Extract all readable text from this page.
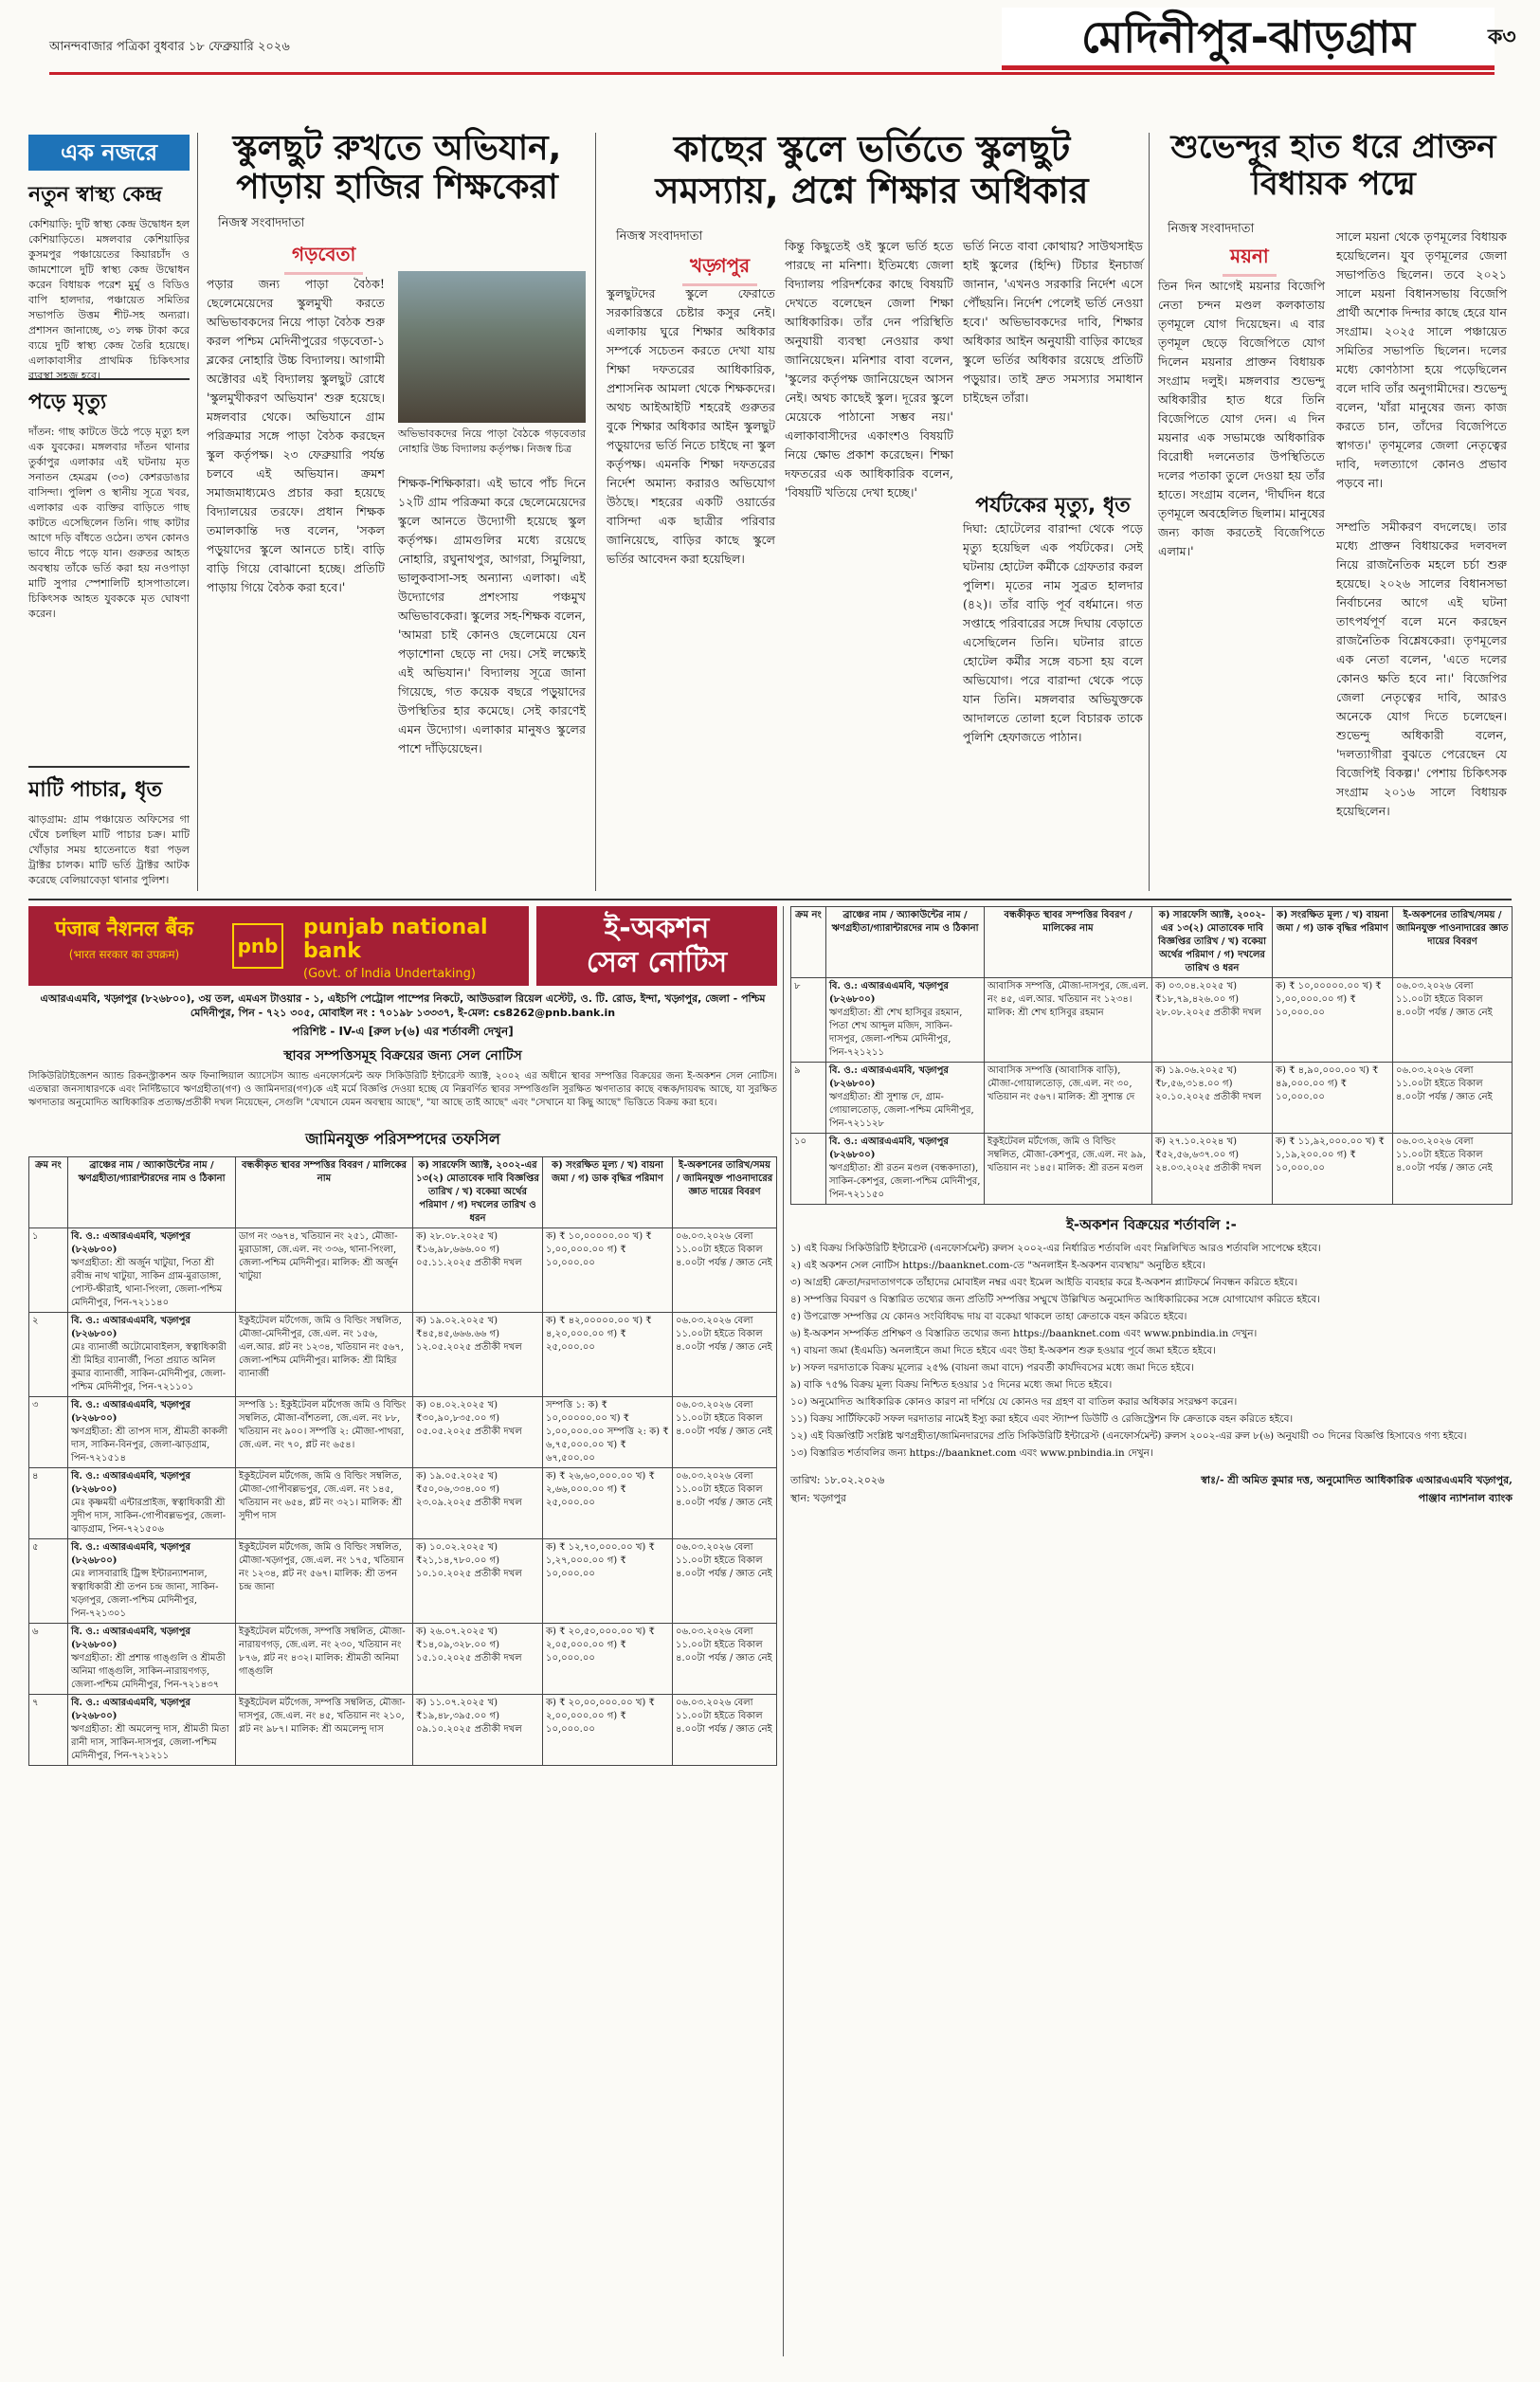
আনন্দবাজার পত্রিকা বুধবার ১৮ ফেব্রুয়ারি ২০২৬	মেদিনীপুর-ঝাড়গ্রাম	ক৩
এক নজরে
নতুন স্বাস্থ্য কেন্দ্র
কেশিয়াড়ি: দুটি স্বাস্থ্য কেন্দ্র উদ্বোধন হল কেশিয়াড়িতে। মঙ্গলবার কেশিয়াড়ির কুসমপুর পঞ্চায়েতের কিয়ারচাঁদ ও জামশোলে দুটি স্বাস্থ্য কেন্দ্র উদ্বোধন করেন বিধায়ক পরেশ মুর্মু ও বিডিও বাপি হালদার, পঞ্চায়েত সমিতির সভাপতি উত্তম শীট-সহ অন্যরা। প্রশাসন জানাচ্ছে, ৩১ লক্ষ টাকা করে ব্যয়ে দুটি স্বাস্থ্য কেন্দ্র তৈরি হয়েছে। এলাকাবাসীর প্রাথমিক চিকিৎসার ব্যবস্থা সহজ হবে।
পড়ে মৃত্যু
দাঁতন: গাছ কাটতে উঠে পড়ে মৃত্যু হল এক যুবকের। মঙ্গলবার দাঁতন থানার তুর্কাপুর এলাকার এই ঘটনায় মৃত সনাতন হেমব্রম (৩৩) কেশরডাঙার বাসিন্দা। পুলিশ ও স্থানীয় সূত্রে খবর, এলাকার এক ব্যক্তির বাড়িতে গাছ কাটতে এসেছিলেন তিনি। গাছ কাটার আগে দড়ি বাঁধতে ওঠেন। তখন কোনও ভাবে নীচে পড়ে যান। গুরুতর আহত অবস্থায় তাঁকে ভর্তি করা হয় নওপাড়া মাটি সুপার স্পেশালিটি হাসপাতালে। চিকিৎসক আহত যুবককে মৃত ঘোষণা করেন।
মাটি পাচার, ধৃত
ঝাড়গ্রাম: গ্রাম পঞ্চায়েত অফিসের গা ঘেঁষে চলছিল মাটি পাচার চক্র। মাটি খোঁড়ার সময় হাতেনাতে ধরা পড়ল ট্রাক্টর চালক। মাটি ভর্তি ট্রাক্টর আটক করেছে বেলিয়াবেড়া থানার পুলিশ।
স্কুলছুট রুখতে অভিযান, পাড়ায় হাজির শিক্ষকেরা
নিজস্ব সংবাদদাতা
গড়বেতা
পড়ার জন্য পাড়া বৈঠক! ছেলেমেয়েদের স্কুলমুখী করতে অভিভাবকদের নিয়ে পাড়া বৈঠক শুরু করল পশ্চিম মেদিনীপুরের গড়বেতা-১ ব্লকের নোহারি উচ্চ বিদ্যালয়। আগামী অক্টোবর এই বিদ্যালয় স্কুলছুট রোধে 'স্কুলমুখীকরণ অভিযান' শুরু হয়েছে। মঙ্গলবার থেকে। অভিযানে গ্রাম পরিক্রমার সঙ্গে পাড়া বৈঠক করছেন স্কুল কর্তৃপক্ষ। ২৩ ফেব্রুয়ারি পর্যন্ত চলবে এই অভিযান। ক্রমশ সমাজমাধ্যমেও প্রচার করা হয়েছে বিদ্যালয়ের তরফে। প্রধান শিক্ষক তমালকান্তি দত্ত বলেন, 'সকল পড়ুয়াদের স্কুলে আনতে চাই। বাড়ি বাড়ি গিয়ে বোঝানো হচ্ছে। প্রতিটি পাড়ায় গিয়ে বৈঠক করা হবে।'
অভিভাবকদের নিয়ে পাড়া বৈঠকে গড়বেতার নোহারি উচ্চ বিদ্যালয় কর্তৃপক্ষ। নিজস্ব চিত্র
শিক্ষক-শিক্ষিকারা। এই ভাবে পাঁচ দিনে ১২টি গ্রাম পরিক্রমা করে ছেলেমেয়েদের স্কুলে আনতে উদ্যোগী হয়েছে স্কুল কর্তৃপক্ষ। গ্রামগুলির মধ্যে রয়েছে নোহারি, রঘুনাথপুর, আগরা, সিমুলিয়া, ভালুকবাসা-সহ অন্যান্য এলাকা। এই উদ্যোগের প্রশংসায় পঞ্চমুখ অভিভাবকেরা। স্কুলের সহ-শিক্ষক বলেন, 'আমরা চাই কোনও ছেলেমেয়ে যেন পড়াশোনা ছেড়ে না দেয়। সেই লক্ষ্যেই এই অভিযান।' বিদ্যালয় সূত্রে জানা গিয়েছে, গত কয়েক বছরে পড়ুয়াদের উপস্থিতির হার কমেছে। সেই কারণেই এমন উদ্যোগ। এলাকার মানুষও স্কুলের পাশে দাঁড়িয়েছেন।
কাছের স্কুলে ভর্তিতে স্কুলছুট সমস্যায়, প্রশ্নে শিক্ষার অধিকার
নিজস্ব সংবাদদাতা
খড়্গপুর
স্কুলছুটদের স্কুলে ফেরাতে সরকারিস্তরে চেষ্টার কসুর নেই। এলাকায় ঘুরে শিক্ষার অধিকার সম্পর্কে সচেতন করতে দেখা যায় শিক্ষা দফতরের আধিকারিক, প্রশাসনিক আমলা থেকে শিক্ষকদের। অথচ আইআইটি শহরেই গুরুতর বুকে শিক্ষার অধিকার আইন স্কুলছুট পড়ুয়াদের ভর্তি নিতে চাইছে না স্কুল কর্তৃপক্ষ। এমনকি শিক্ষা দফতরের নির্দেশ অমান্য করারও অভিযোগ উঠছে। শহরের একটি ওয়ার্ডের বাসিন্দা এক ছাত্রীর পরিবার জানিয়েছে, বাড়ির কাছে স্কুলে ভর্তির আবেদন করা হয়েছিল।
কিন্তু কিছুতেই ওই স্কুলে ভর্তি হতে পারছে না মনিশা। ইতিমধ্যে জেলা বিদ্যালয় পরিদর্শকের কাছে বিষয়টি দেখতে বলেছেন জেলা শিক্ষা আধিকারিক। তাঁর দেন পরিস্থিতি অনুযায়ী ব্যবস্থা নেওয়ার কথা জানিয়েছেন। মনিশার বাবা বলেন, 'স্কুলের কর্তৃপক্ষ জানিয়েছেন আসন নেই। অথচ কাছেই স্কুল। দূরের স্কুলে মেয়েকে পাঠানো সম্ভব নয়।' এলাকাবাসীদের একাংশও বিষয়টি নিয়ে ক্ষোভ প্রকাশ করেছেন। শিক্ষা দফতরের এক আধিকারিক বলেন, 'বিষয়টি খতিয়ে দেখা হচ্ছে।'
ভর্তি নিতে বাবা কোথায়? সাউথসাইড হাই স্কুলের (হিন্দি) টিচার ইনচার্জ জানান, 'এখনও সরকারি নির্দেশ এসে পৌঁছয়নি। নির্দেশ পেলেই ভর্তি নেওয়া হবে।' অভিভাবকদের দাবি, শিক্ষার অধিকার আইন অনুযায়ী বাড়ির কাছের স্কুলে ভর্তির অধিকার রয়েছে প্রতিটি পড়ুয়ার। তাই দ্রুত সমস্যার সমাধান চাইছেন তাঁরা।
পর্যটকের মৃত্যু, ধৃত
দিঘা: হোটেলের বারান্দা থেকে পড়ে মৃত্যু হয়েছিল এক পর্যটকের। সেই ঘটনায় হোটেল কর্মীকে গ্রেফতার করল পুলিশ। মৃতের নাম সুব্রত হালদার (৪২)। তাঁর বাড়ি পূর্ব বর্ধমানে। গত সপ্তাহে পরিবারের সঙ্গে দিঘায় বেড়াতে এসেছিলেন তিনি। ঘটনার রাতে হোটেল কর্মীর সঙ্গে বচসা হয় বলে অভিযোগ। পরে বারান্দা থেকে পড়ে যান তিনি। মঙ্গলবার অভিযুক্তকে আদালতে তোলা হলে বিচারক তাকে পুলিশি হেফাজতে পাঠান।
শুভেন্দুর হাত ধরে প্রাক্তন বিধায়ক পদ্মে
নিজস্ব সংবাদদাতা
ময়না
তিন দিন আগেই ময়নার বিজেপি নেতা চন্দন মণ্ডল কলকাতায় তৃণমূলে যোগ দিয়েছেন। এ বার তৃণমূল ছেড়ে বিজেপিতে যোগ দিলেন ময়নার প্রাক্তন বিধায়ক সংগ্রাম দলুই। মঙ্গলবার শুভেন্দু অধিকারীর হাত ধরে তিনি বিজেপিতে যোগ দেন। এ দিন ময়নার এক সভামঞ্চে অধিকারিক বিরোধী দলনেতার উপস্থিতিতে দলের পতাকা তুলে দেওয়া হয় তাঁর হাতে। সংগ্রাম বলেন, 'দীর্ঘদিন ধরে তৃণমূলে অবহেলিত ছিলাম। মানুষের জন্য কাজ করতেই বিজেপিতে এলাম।'
সালে ময়না থেকে তৃণমূলের বিধায়ক হয়েছিলেন। যুব তৃণমূলের জেলা সভাপতিও ছিলেন। তবে ২০২১ সালে ময়না বিধানসভায় বিজেপি প্রার্থী অশোক দিন্দার কাছে হেরে যান সংগ্রাম। ২০২৫ সালে পঞ্চায়েত সমিতির সভাপতি ছিলেন। দলের মধ্যে কোণঠাসা হয়ে পড়েছিলেন বলে দাবি তাঁর অনুগামীদের। শুভেন্দু বলেন, 'যাঁরা মানুষের জন্য কাজ করতে চান, তাঁদের বিজেপিতে স্বাগত।' তৃণমূলের জেলা নেতৃত্বের দাবি, দলত্যাগে কোনও প্রভাব পড়বে না।
সম্প্রতি সমীকরণ বদলেছে। তার মধ্যে প্রাক্তন বিধায়কের দলবদল নিয়ে রাজনৈতিক মহলে চর্চা শুরু হয়েছে। ২০২৬ সালের বিধানসভা নির্বাচনের আগে এই ঘটনা তাৎপর্যপূর্ণ বলে মনে করছেন রাজনৈতিক বিশ্লেষকেরা। তৃণমূলের এক নেতা বলেন, 'এতে দলের কোনও ক্ষতি হবে না।' বিজেপির জেলা নেতৃত্বের দাবি, আরও অনেকে যোগ দিতে চলেছেন। শুভেন্দু অধিকারী বলেন, 'দলত্যাগীরা বুঝতে পেরেছেন যে বিজেপিই বিকল্প।' পেশায় চিকিৎসক সংগ্রাম ২০১৬ সালে বিধায়ক হয়েছিলেন।
पंजाब नैशनल बैंक
(भारत सरकार का उपक्रम)	pnb
punjab national bank
(Govt. of India Undertaking)
ই-অকশন
সেল নোটিস
এআরএএমবি, খড়্গপুর (৮২৬৮০০), ৩য় তল, এমএস টাওয়ার - ১, এইচপি পেট্রোল পাম্পের নিকটে, আউডরাল রিয়েল এস্টেট, ও. টি. রোড, ইন্দা, খড়্গপুর, জেলা - পশ্চিম মেদিনীপুর, পিন - ৭২১ ৩০৫, মোবাইল নং : ৭০১৯৮ ১৩৩৩৭, ই-মেল: cs8262@pnb.bank.in
পরিশিষ্ট - IV-এ [রুল ৮(৬) এর শর্তাবলী দেখুন]
স্থাবর সম্পত্তিসমূহ বিক্রয়ের জন্য সেল নোটিস
সিকিউরিটাইজেশন অ্যান্ড রিকনস্ট্রাকশন অফ ফিনান্সিয়াল অ্যাসেটস অ্যান্ড এনফোর্সমেন্ট অফ সিকিউরিটি ইন্টারেস্ট অ্যাক্ট, ২০০২ এর অধীনে স্থাবর সম্পত্তির বিক্রয়ের জন্য ই-অকশন সেল নোটিস। এতদ্বারা জনসাধারণকে এবং নির্দিষ্টভাবে ঋণগ্রহীতা(গণ) ও জামিনদার(গণ)কে এই মর্মে বিজ্ঞপ্তি দেওয়া হচ্ছে যে নিম্নবর্ণিত স্থাবর সম্পত্তিগুলি সুরক্ষিত ঋণদাতার কাছে বন্ধক/দায়বদ্ধ আছে, যা সুরক্ষিত ঋণদাতার অনুমোদিত আধিকারিক প্রত্যক্ষ/প্রতীকী দখল নিয়েছেন, সেগুলি "যেখানে যেমন অবস্থায় আছে", "যা আছে তাই আছে" এবং "সেখানে যা কিছু আছে" ভিত্তিতে বিক্রয় করা হবে।
জামিনযুক্ত পরিসম্পদের তফসিল
ক্রম নং	ব্রাঞ্চের নাম / অ্যাকাউন্টের নাম / ঋণগ্রহীতা/গ্যারান্টারদের নাম ও ঠিকানা	বন্ধকীকৃত স্থাবর সম্পত্তির বিবরণ / মালিকের নাম	ক) সারফেসি অ্যাক্ট, ২০০২-এর ১৩(২) মোতাবেক দাবি বিজ্ঞপ্তির তারিখ / খ) বকেয়া অর্থের পরিমাণ / গ) দখলের তারিখ ও ধরন	ক) সংরক্ষিত মূল্য / খ) বায়না জমা / গ) ডাক বৃদ্ধির পরিমাণ	ই-অকশনের তারিখ/সময় / জামিনযুক্ত পাওনাদারের জ্ঞাত দায়ের বিবরণ
১	বি. ও.: এআরএএমবি, খড়্গপুর (৮২৬৮০০)
ঋণগ্রহীতা: শ্রী অর্জুন খাটুয়া, পিতা শ্রী রবীন্দ্র নাথ খাটুয়া, সাকিন গ্রাম-মুরাডাঙ্গা, পোস্ট-ক্ষীরাই, থানা-পিংলা, জেলা-পশ্চিম মেদিনীপুর, পিন-৭২১১৪০	ডাগ নং ৩৬৭৪, খতিয়ান নং ২৫১, মৌজা-মুরাডাঙ্গা, জে.এল. নং ৩৩৬, থানা-পিংলা, জেলা-পশ্চিম মেদিনীপুর। মালিক: শ্রী অর্জুন খাটুয়া	ক) ২৮.০৮.২০২৫ খ) ₹১৬,৯৮,৬৬৬.০০ গ) ০৫.১১.২০২৫ প্রতীকী দখল	ক) ₹ ১০,০০০০০.০০ খ) ₹ ১,০০,০০০.০০ গ) ₹ ১০,০০০.০০	০৬.০৩.২০২৬ বেলা ১১.০০টা হইতে বিকাল ৪.০০টা পর্যন্ত / জ্ঞাত নেই
২	বি. ও.: এআরএএমবি, খড়্গপুর (৮২৬৮০০)
মেঃ ব্যানার্জী অটোমোবাইলস, স্বত্বাধিকারী শ্রী মিহির ব্যানার্জী, পিতা প্রয়াত অনিল কুমার ব্যানার্জী, সাকিন-মেদিনীপুর, জেলা-পশ্চিম মেদিনীপুর, পিন-৭২১১০১	ইকুইটেবল মর্টগেজ, জমি ও বিল্ডিং সম্বলিত, মৌজা-মেদিনীপুর, জে.এল. নং ১৫৬, এল.আর. প্লট নং ১২৩৪, খতিয়ান নং ৫৬৭, জেলা-পশ্চিম মেদিনীপুর। মালিক: শ্রী মিহির ব্যানার্জী	ক) ১৯.০২.২০২৫ খ) ₹৪৫,৪৫,৬৬৬.৬৬ গ) ১২.০৫.২০২৫ প্রতীকী দখল	ক) ₹ ৪২,০০০০০.০০ খ) ₹ ৪,২০,০০০.০০ গ) ₹ ২৫,০০০.০০	০৬.০৩.২০২৬ বেলা ১১.০০টা হইতে বিকাল ৪.০০টা পর্যন্ত / জ্ঞাত নেই
৩	বি. ও.: এআরএএমবি, খড়্গপুর (৮২৬৮০০)
ঋণগ্রহীতা: শ্রী তাপস দাস, শ্রীমতী কাকলী দাস, সাকিন-বিনপুর, জেলা-ঝাড়গ্রাম, পিন-৭২১৫১৪	সম্পত্তি ১: ইকুইটেবল মর্টগেজ জমি ও বিল্ডিং সম্বলিত, মৌজা-বাঁশতলা, জে.এল. নং ৮৮, খতিয়ান নং ৯০০। সম্পত্তি ২: মৌজা-পাথরা, জে.এল. নং ৭০, প্লট নং ৬৫৪।	ক) ০৪.০২.২০২৫ খ) ₹৩০,৯০,৮৩৫.০০ গ) ০৫.০৫.২০২৫ প্রতীকী দখল	সম্পত্তি ১: ক) ₹ ১০,০০০০০.০০ খ) ₹ ১,০০,০০০.০০ সম্পত্তি ২: ক) ₹ ৬,৭৫,০০০.০০ খ) ₹ ৬৭,৫০০.০০	০৬.০৩.২০২৬ বেলা ১১.০০টা হইতে বিকাল ৪.০০টা পর্যন্ত / জ্ঞাত নেই
৪	বি. ও.: এআরএএমবি, খড়্গপুর (৮২৬৮০০)
মেঃ কৃষ্ণময়ী এন্টারপ্রাইজ, স্বত্বাধিকারী শ্রী সুদীপ দাস, সাকিন-গোপীবল্লভপুর, জেলা-ঝাড়গ্রাম, পিন-৭২১৫০৬	ইকুইটেবল মর্টগেজ, জমি ও বিল্ডিং সম্বলিত, মৌজা-গোপীবল্লভপুর, জে.এল. নং ১৪৫, খতিয়ান নং ৬৫৪, প্লট নং ৩২১। মালিক: শ্রী সুদীপ দাস	ক) ১৯.০৫.২০২৫ খ) ₹৫০,০৬,৩৩৪.০০ গ) ২৩.০৯.২০২৫ প্রতীকী দখল	ক) ₹ ২৬,৬০,০০০.০০ খ) ₹ ২,৬৬,০০০.০০ গ) ₹ ২৫,০০০.০০	০৬.০৩.২০২৬ বেলা ১১.০০টা হইতে বিকাল ৪.০০টা পর্যন্ত / জ্ঞাত নেই
৫	বি. ও.: এআরএএমবি, খড়্গপুর (৮২৬৮০০)
মেঃ লাসবারাহি ট্রিপ্স ইন্টারন্যাশনাল, স্বত্বাধিকারী শ্রী তপন চন্দ্র জানা, সাকিন-খড়্গপুর, জেলা-পশ্চিম মেদিনীপুর, পিন-৭২১৩০১	ইকুইটেবল মর্টগেজ, জমি ও বিল্ডিং সম্বলিত, মৌজা-খড়্গপুর, জে.এল. নং ১৭৫, খতিয়ান নং ১২৩৪, প্লট নং ৫৬৭। মালিক: শ্রী তপন চন্দ্র জানা	ক) ১০.০২.২০২৫ খ) ₹২১,১৪,৭৮০.০০ গ) ১০.১০.২০২৫ প্রতীকী দখল	ক) ₹ ১২,৭০,০০০.০০ খ) ₹ ১,২৭,০০০.০০ গ) ₹ ১০,০০০.০০	০৬.০৩.২০২৬ বেলা ১১.০০টা হইতে বিকাল ৪.০০টা পর্যন্ত / জ্ঞাত নেই
৬	বি. ও.: এআরএএমবি, খড়্গপুর (৮২৬৮০০)
ঋণগ্রহীতা: শ্রী প্রশান্ত গাঙ্গুলি ও শ্রীমতী অনিমা গাঙ্গুলি, সাকিন-নারায়ণগড়, জেলা-পশ্চিম মেদিনীপুর, পিন-৭২১৪৩৭	ইকুইটেবল মর্টগেজ, সম্পত্তি সম্বলিত, মৌজা-নারায়ণগড়, জে.এল. নং ২৩০, খতিয়ান নং ৮৭৬, প্লট নং ৪৩২। মালিক: শ্রীমতী অনিমা গাঙ্গুলি	ক) ২৬.০৭.২০২৫ খ) ₹১৪,০৯,৩২৮.০০ গ) ১৫.১০.২০২৫ প্রতীকী দখল	ক) ₹ ২০,৫০,০০০.০০ খ) ₹ ২,০৫,০০০.০০ গ) ₹ ১০,০০০.০০	০৬.০৩.২০২৬ বেলা ১১.০০টা হইতে বিকাল ৪.০০টা পর্যন্ত / জ্ঞাত নেই
৭	বি. ও.: এআরএএমবি, খড়্গপুর (৮২৬৮০০)
ঋণগ্রহীতা: শ্রী অমলেন্দু দাস, শ্রীমতী মিতা রানী দাস, সাকিন-দাসপুর, জেলা-পশ্চিম মেদিনীপুর, পিন-৭২১২১১	ইকুইটেবল মর্টগেজ, সম্পত্তি সম্বলিত, মৌজা-দাসপুর, জে.এল. নং ৪৫, খতিয়ান নং ২১০, প্লট নং ৯৮৭। মালিক: শ্রী অমলেন্দু দাস	ক) ১১.০৭.২০২৫ খ) ₹১৯,৪৮,৩৯৫.০০ গ) ০৯.১০.২০২৫ প্রতীকী দখল	ক) ₹ ২০,০০,০০০.০০ খ) ₹ ২,০০,০০০.০০ গ) ₹ ১০,০০০.০০	০৬.০৩.২০২৬ বেলা ১১.০০টা হইতে বিকাল ৪.০০টা পর্যন্ত / জ্ঞাত নেই
ক্রম নং	ব্রাঞ্চের নাম / অ্যাকাউন্টের নাম / ঋণগ্রহীতা/গ্যারান্টারদের নাম ও ঠিকানা	বন্ধকীকৃত স্থাবর সম্পত্তির বিবরণ / মালিকের নাম	ক) সারফেসি অ্যাক্ট, ২০০২-এর ১৩(২) মোতাবেক দাবি বিজ্ঞপ্তির তারিখ / খ) বকেয়া অর্থের পরিমাণ / গ) দখলের তারিখ ও ধরন	ক) সংরক্ষিত মূল্য / খ) বায়না জমা / গ) ডাক বৃদ্ধির পরিমাণ	ই-অকশনের তারিখ/সময় / জামিনযুক্ত পাওনাদারের জ্ঞাত দায়ের বিবরণ
৮	বি. ও.: এআরএএমবি, খড়্গপুর (৮২৬৮০০)
ঋণগ্রহীতা: শ্রী শেখ হাসিবুর রহমান, পিতা শেখ আব্দুল মজিদ, সাকিন-দাসপুর, জেলা-পশ্চিম মেদিনীপুর, পিন-৭২১২১১	আবাসিক সম্পত্তি, মৌজা-দাসপুর, জে.এল. নং ৪৫, এল.আর. খতিয়ান নং ১২৩৪। মালিক: শ্রী শেখ হাসিবুর রহমান	ক) ০৩.০৪.২০২৫ খ) ₹১৮,৭৯,৪২৬.০০ গ) ২৮.০৮.২০২৫ প্রতীকী দখল	ক) ₹ ১০,০০০০০.০০ খ) ₹ ১,০০,০০০.০০ গ) ₹ ১০,০০০.০০	০৬.০৩.২০২৬ বেলা ১১.০০টা হইতে বিকাল ৪.০০টা পর্যন্ত / জ্ঞাত নেই
৯	বি. ও.: এআরএএমবি, খড়্গপুর (৮২৬৮০০)
ঋণগ্রহীতা: শ্রী সুশান্ত দে, গ্রাম-গোয়ালতোড়, জেলা-পশ্চিম মেদিনীপুর, পিন-৭২১১২৮	আবাসিক সম্পত্তি (আবাসিক বাড়ি), মৌজা-গোয়ালতোড়, জে.এল. নং ৩০, খতিয়ান নং ৫৬৭। মালিক: শ্রী সুশান্ত দে	ক) ১৯.০৬.২০২৫ খ) ₹৮,৫৬,৩১৪.০০ গ) ২০.১০.২০২৫ প্রতীকী দখল	ক) ₹ ৪,৯০,০০০.০০ খ) ₹ ৪৯,০০০.০০ গ) ₹ ১০,০০০.০০	০৬.০৩.২০২৬ বেলা ১১.০০টা হইতে বিকাল ৪.০০টা পর্যন্ত / জ্ঞাত নেই
১০	বি. ও.: এআরএএমবি, খড়্গপুর (৮২৬৮০০)
ঋণগ্রহীতা: শ্রী রতন মণ্ডল (বন্ধকদাতা), সাকিন-কেশপুর, জেলা-পশ্চিম মেদিনীপুর, পিন-৭২১১৫০	ইকুইটেবল মর্টগেজ, জমি ও বিল্ডিং সম্বলিত, মৌজা-কেশপুর, জে.এল. নং ৯৯, খতিয়ান নং ১৪৫। মালিক: শ্রী রতন মণ্ডল	ক) ২৭.১০.২০২৪ খ) ₹৫২,৫৬,৬৩৭.০০ গ) ২৪.০৩.২০২৫ প্রতীকী দখল	ক) ₹ ১১,৯২,০০০.০০ খ) ₹ ১,১৯,২০০.০০ গ) ₹ ১০,০০০.০০	০৬.০৩.২০২৬ বেলা ১১.০০টা হইতে বিকাল ৪.০০টা পর্যন্ত / জ্ঞাত নেই
ই-অকশন বিক্রয়ের শর্তাবলি :-
১) এই বিক্রয় সিকিউরিটি ইন্টারেস্ট (এনফোর্সমেন্ট) রুলস ২০০২-এর নির্ধারিত শর্তাবলি এবং নিম্নলিখিত আরও শর্তাবলি সাপেক্ষে হইবে।
২) এই অকশন সেল নোটিস https://baanknet.com-তে "অনলাইন ই-অকশন ব্যবস্থায়" অনুষ্ঠিত হইবে।
৩) আগ্রহী ক্রেতা/দরদাতাগণকে তাঁহাদের মোবাইল নম্বর এবং ইমেল আইডি ব্যবহার করে ই-অকশন প্ল্যাটফর্মে নিবন্ধন করিতে হইবে।
৪) সম্পত্তির বিবরণ ও বিস্তারিত তথ্যের জন্য প্রতিটি সম্পত্তির সম্মুখে উল্লিখিত অনুমোদিত আধিকারিকের সঙ্গে যোগাযোগ করিতে হইবে।
৫) উপরোক্ত সম্পত্তির যে কোনও সংবিধিবদ্ধ দায় বা বকেয়া থাকলে তাহা ক্রেতাকে বহন করিতে হইবে।
৬) ই-অকশন সম্পর্কিত প্রশিক্ষণ ও বিস্তারিত তথ্যের জন্য https://baanknet.com এবং www.pnbindia.in দেখুন।
৭) বায়না জমা (ইএমডি) অনলাইনে জমা দিতে হইবে এবং উহা ই-অকশন শুরু হওয়ার পূর্বে জমা হইতে হইবে।
৮) সফল দরদাতাকে বিক্রয় মূল্যের ২৫% (বায়না জমা বাদে) পরবর্তী কার্যদিবসের মধ্যে জমা দিতে হইবে।
৯) বাকি ৭৫% বিক্রয় মূল্য বিক্রয় নিশ্চিত হওয়ার ১৫ দিনের মধ্যে জমা দিতে হইবে।
১০) অনুমোদিত আধিকারিক কোনও কারণ না দর্শিয়ে যে কোনও দর গ্রহণ বা বাতিল করার অধিকার সংরক্ষণ করেন।
১১) বিক্রয় সার্টিফিকেট সফল দরদাতার নামেই ইস্যু করা হইবে এবং স্ট্যাম্প ডিউটি ও রেজিস্ট্রেশন ফি ক্রেতাকে বহন করিতে হইবে।
১২) এই বিজ্ঞপ্তিটি সংশ্লিষ্ট ঋণগ্রহীতা/জামিনদারদের প্রতি সিকিউরিটি ইন্টারেস্ট (এনফোর্সমেন্ট) রুলস ২০০২-এর রুল ৮(৬) অনুযায়ী ৩০ দিনের বিজ্ঞপ্তি হিসাবেও গণ্য হইবে।
১৩) বিস্তারিত শর্তাবলির জন্য https://baanknet.com এবং www.pnbindia.in দেখুন।
তারিখ: ১৮.০২.২০২৬
স্থান: খড়্গপুর
স্বাঃ/- শ্রী অমিত কুমার দত্ত, অনুমোদিত আধিকারিক এআরএএমবি খড়্গপুর, পাঞ্জাব ন্যাশনাল ব্যাংক
